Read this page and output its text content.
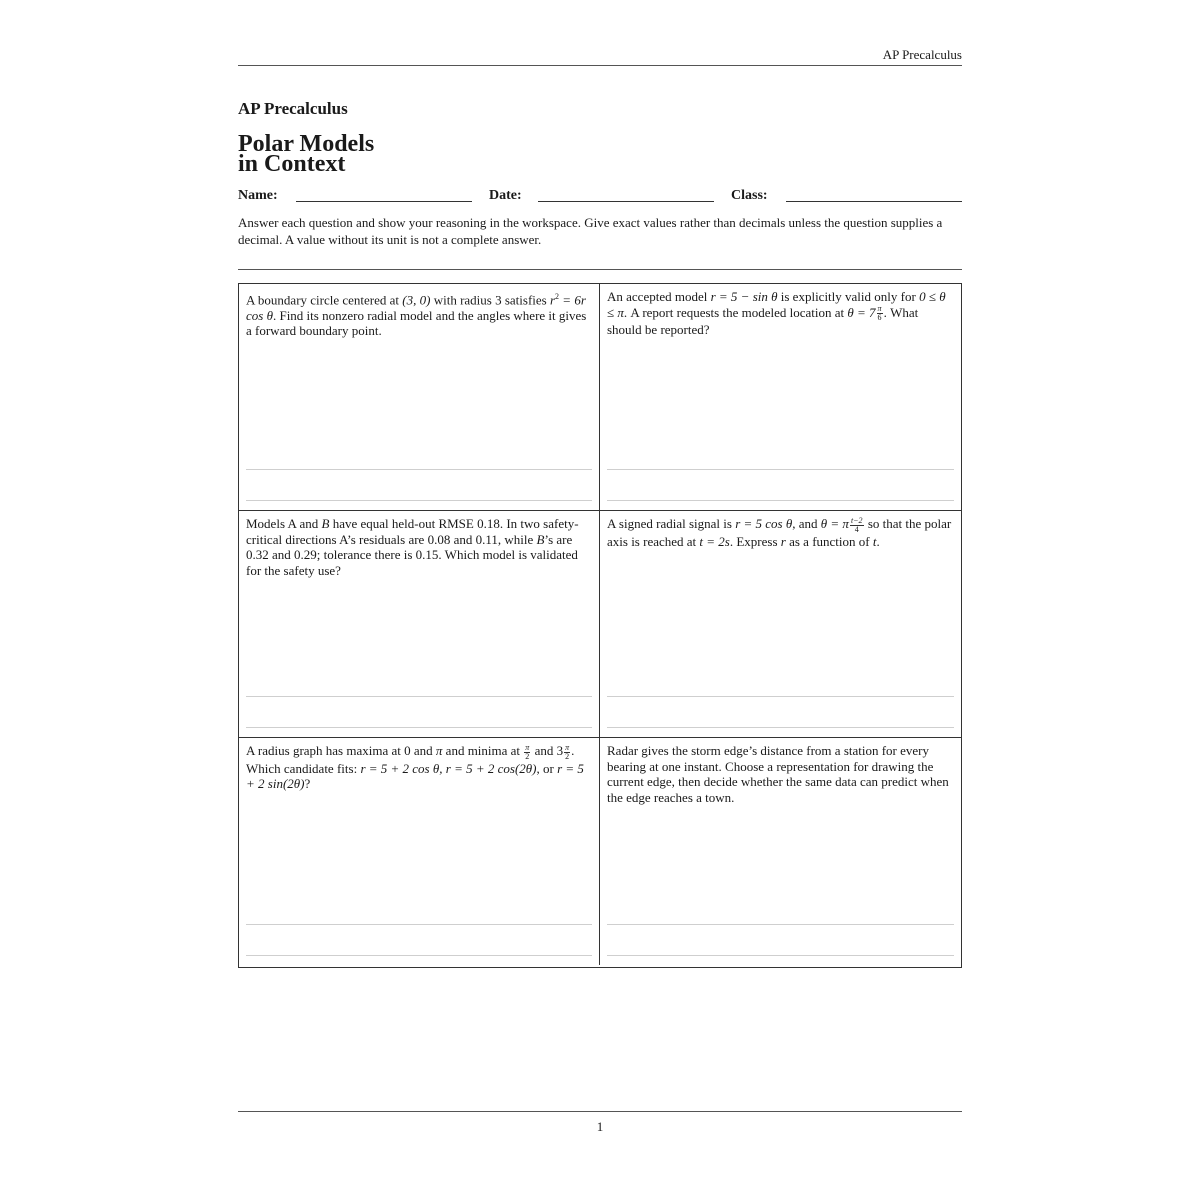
AP Precalculus
AP Precalculus
Polar Models
in Context
Name:	Date:	Class:
Answer each question and show your reasoning in the workspace. Give exact values rather than decimals unless the question supplies a decimal. A value without its unit is not a complete answer.
A boundary circle centered at (3, 0) with radius 3 satisfies $r^2 = 6r$ cos θ. Find its nonzero radial model and the angles where it gives a forward boundary point.
An accepted model r = 5 − sin θ is explicitly valid only for 0 ≤ θ ≤ π. A report requests the modeled location at $\theta = 7 \frac{\pi}{6}$ . What should be reported?
Models A and B have equal held-out RMSE 0.18. In two safety-critical directions A’s residuals are 0.08 and 0.11, while B’s are 0.32 and 0.29; tolerance there is 0.15. Which model is validated for the safety use?
A signed radial signal is r = 5 cos θ, and θ = π $\frac{t-2}{4}$ so that the polar axis is reached at t = 2s. Express r as a function of t.
A radius graph has maxima at 0 and π and minima at $\frac{\pi}{2}$ and $3 \frac{\pi}{2}$ . Which candidate fits: r = 5 + 2 cos θ, r = 5 + 2 cos(2θ), or r = 5 + 2 sin(2θ)?
Radar gives the storm edge’s distance from a station for every bearing at one instant. Choose a representation for drawing the current edge, then decide whether the same data can predict when the edge reaches a town.
1
